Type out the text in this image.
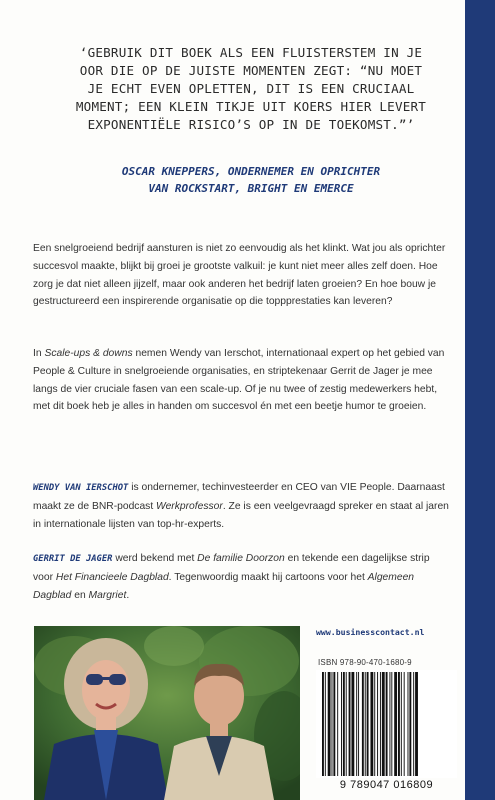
‘GEBRUIK DIT BOEK ALS EEN FLUISTERSTEM IN JE
OOR DIE OP DE JUISTE MOMENTEN ZEGT: “NU MOET
JE ECHT EVEN OPLETTEN, DIT IS EEN CRUCIAAL
MOMENT; EEN KLEIN TIKJE UIT KOERS HIER LEVERT
EXPONENTIËLE RISICO’S OP IN DE TOEKOMST.”’
OSCAR KNEPPERS, ONDERNEMER EN OPRICHTER
VAN ROCKSTART, BRIGHT EN EMERCE

Een snelgroeiend bedrijf aansturen is niet zo eenvoudig als het klinkt. Wat jou als oprichter succesvol maakte, blijkt bij groei je grootste valkuil: je kunt niet meer alles zelf doen. Hoe zorg je dat niet alleen jijzelf, maar ook anderen het bedrijf laten groeien? En hoe bouw je gestructureerd een inspirerende organisatie op die toppprestaties kan leveren?

In Scale-ups & downs nemen Wendy van Ierschot, internationaal expert op het gebied van People & Culture in snelgroeiende organisaties, en striptekenaar Gerrit de Jager je mee langs de vier cruciale fasen van een scale-up. Of je nu twee of zestig medewerkers hebt, met dit boek heb je alles in handen om succesvol én met een beetje humor te groeien.

WENDY VAN IERSCHOT is ondernemer, techinvesteerder en CEO van VIE People. Daarnaast maakt ze de BNR-podcast Werkprofessor. Ze is een veelgevraagd spreker en staat al jaren in internationale lijsten van top-hr-experts.

GERRIT DE JAGER werd bekend met De familie Doorzon en tekende een dagelijkse strip voor Het Financieele Dagblad. Tegenwoordig maakt hij cartoons voor het Algemeen Dagblad en Margriet.

www.businesscontact.nl
ISBN 978-90-470-1680-9
9 789047 016809
